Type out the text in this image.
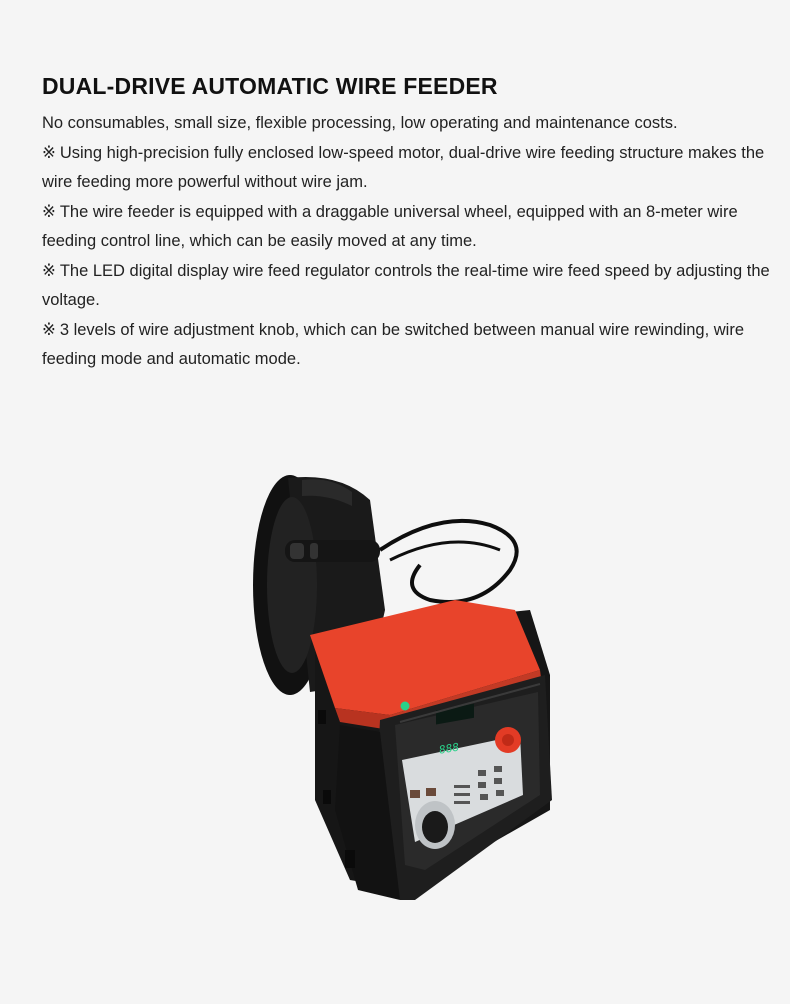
DUAL-DRIVE AUTOMATIC WIRE FEEDER

No consumables, small size, flexible processing, low operating and maintenance costs.

※ Using high-precision fully enclosed low-speed motor, dual-drive wire feeding structure makes the wire feeding more powerful without wire jam.

※ The wire feeder is equipped with a draggable universal wheel, equipped with an 8-meter wire feeding control line, which can be easily moved at any time.

※ The LED digital display wire feed regulator controls the real-time wire feed speed by adjusting the voltage.

※ 3 levels of wire adjustment knob, which can be switched between manual wire rewinding, wire feeding mode and automatic mode.

888
